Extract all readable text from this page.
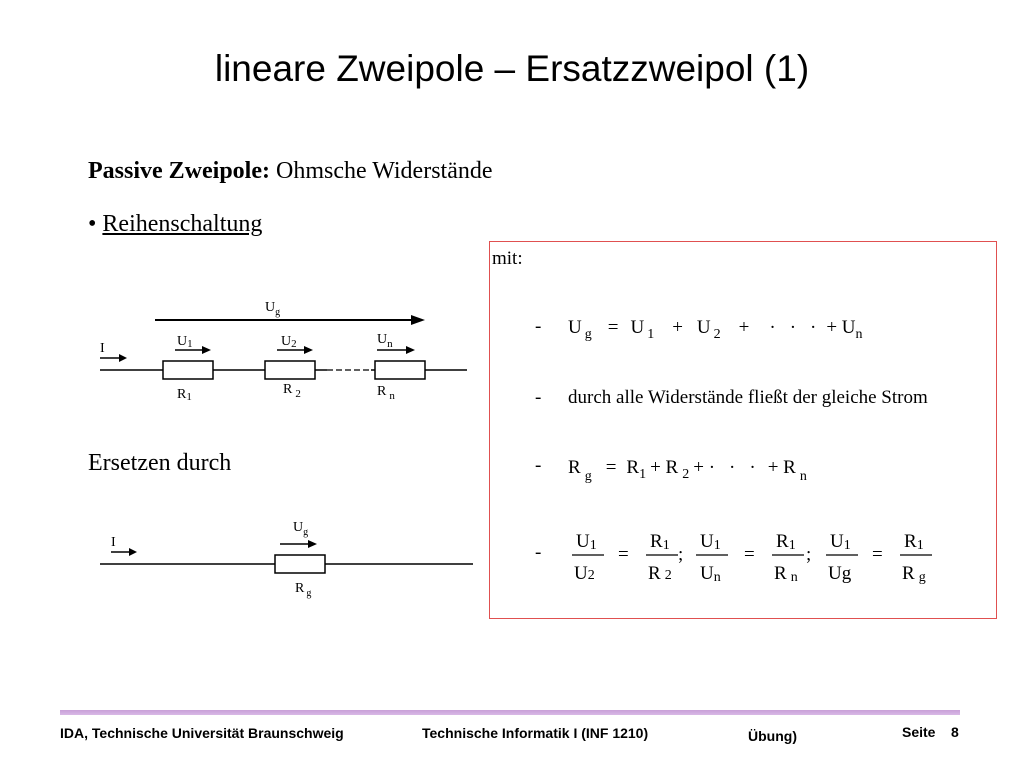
lineare Zweipole – Ersatzzweipol (1)
Passive Zweipole: Ohmsche Widerstände
• Reihenschaltung
Ersetzen durch
$U_g$
I	U1	U2	$U_n$
R1	R $_2$	R $_n$
I
$U_g$
R $_g$
mit:
- U $_g$ = U $_1$ + U $_2$ + · · · + $U_n$
- durch alle Widerstände fließt der gleiche Strom
- R $_g = R_1 + R$ $_2$ + · · · + R $_n$
-
U1
U2
=
R1
R 2
;
U1
Un
=
R1
R n
;
U1
Ug
=
R1
R g
IDA, Technische Universität Braunschweig	Technische Informatik I (INF 1210)	Übung)	Seite 8
